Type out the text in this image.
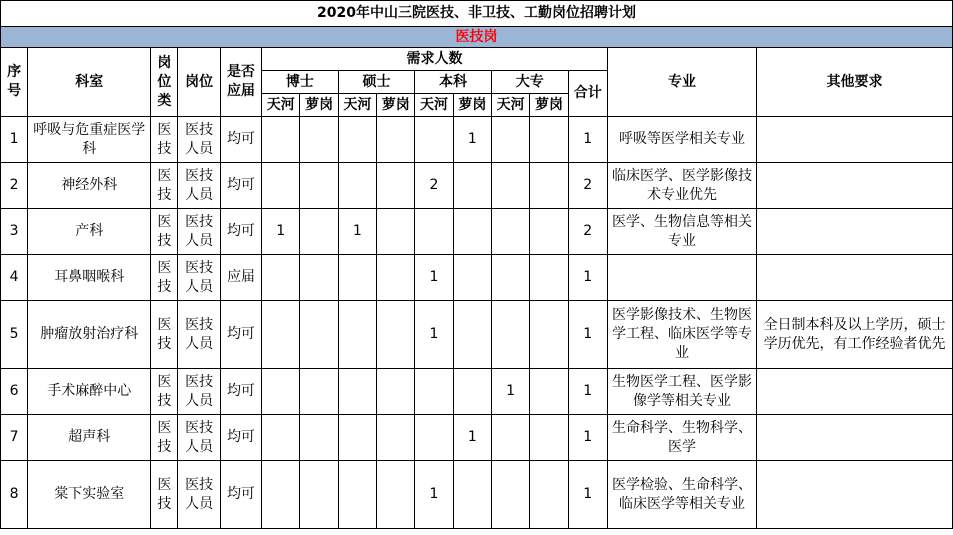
2020年中山三院医技、非卫技、工勤岗位招聘计划															
医技岗															
序号	科室	岗位类	岗位	是否应届	需求人数									专业	其他要求
					博士		硕士		本科		大专		合计		
					天河	萝岗	天河	萝岗	天河	萝岗	天河	萝岗			
1	呼吸与危重症医学科	医技	医技人员	均可						1			1	呼吸等医学相关专业	
2	神经外科	医技	医技人员	均可					2				2	临床医学、医学影像技术专业优先	
3	产科	医技	医技人员	均可	1		1						2	医学、生物信息等相关专业	
4	耳鼻咽喉科	医技	医技人员	应届					1				1		
5	肿瘤放射治疗科	医技	医技人员	均可					1				1	医学影像技术、生物医学工程、临床医学等专业	全日制本科及以上学历，硕士学历优先，有工作经验者优先
6	手术麻醉中心	医技	医技人员	均可							1		1	生物医学工程、医学影像学等相关专业	
7	超声科	医技	医技人员	均可						1			1	生命科学、生物科学、医学	
8	棠下实验室	医技	医技人员	均可					1				1	医学检验、生命科学、临床医学等相关专业	
